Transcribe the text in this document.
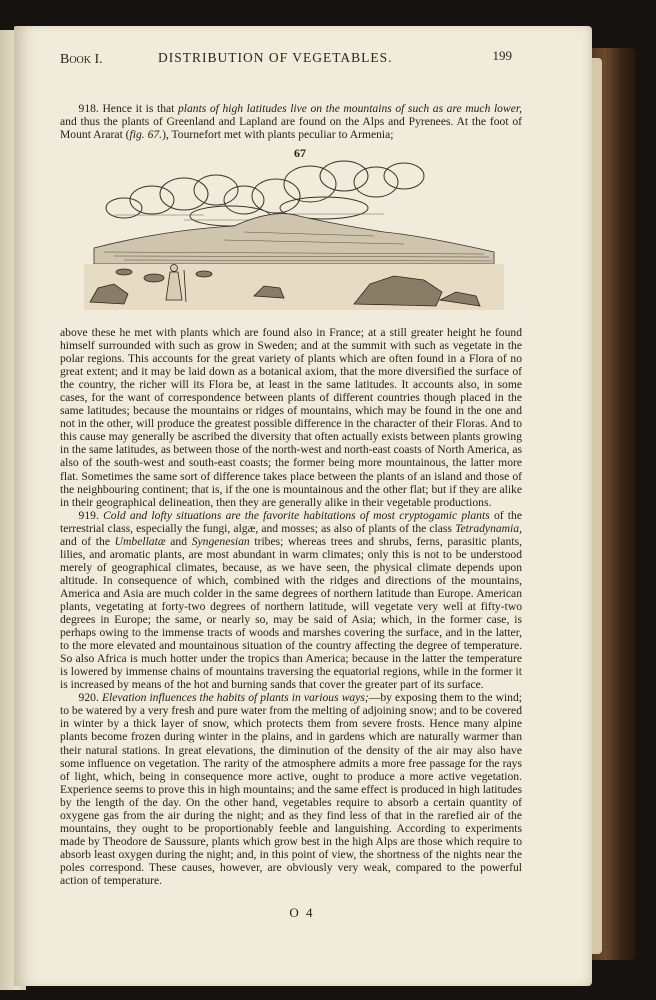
Book I.	DISTRIBUTION OF VEGETABLES.	199

918. Hence it is that plants of high latitudes live on the mountains of such as are much lower, and thus the plants of Greenland and Lapland are found on the Alps and Pyrenees. At the foot of Mount Ararat (fig. 67.), Tournefort met with plants peculiar to Armenia;

67

above these he met with plants which are found also in France; at a still greater height he found himself surrounded with such as grow in Sweden; and at the summit with such as vegetate in the polar regions. This accounts for the great variety of plants which are often found in a Flora of no great extent; and it may be laid down as a botanical axiom, that the more diversified the surface of the country, the richer will its Flora be, at least in the same latitudes. It accounts also, in some cases, for the want of correspondence between plants of different countries though placed in the same latitudes; because the mountains or ridges of mountains, which may be found in the one and not in the other, will produce the greatest possible difference in the character of their Floras. And to this cause may generally be ascribed the diversity that often actually exists between plants growing in the same latitudes, as between those of the north-west and north-east coasts of North America, as also of the south-west and south-east coasts; the former being more mountainous, the latter more flat. Sometimes the same sort of difference takes place between the plants of an island and those of the neighbouring continent; that is, if the one is mountainous and the other flat; but if they are alike in their geographical delineation, then they are generally alike in their vegetable productions.

919. Cold and lofty situations are the favorite habitations of most cryptogamic plants of the terrestrial class, especially the fungi, algæ, and mosses; as also of plants of the class Tetradynamia, and of the Umbellatæ and Syngenesian tribes; whereas trees and shrubs, ferns, parasitic plants, lilies, and aromatic plants, are most abundant in warm climates; only this is not to be understood merely of geographical climates, because, as we have seen, the physical climate depends upon altitude. In consequence of which, combined with the ridges and directions of the mountains, America and Asia are much colder in the same degrees of northern latitude than Europe. American plants, vegetating at forty-two degrees of northern latitude, will vegetate very well at fifty-two degrees in Europe; the same, or nearly so, may be said of Asia; which, in the former case, is perhaps owing to the immense tracts of woods and marshes covering the surface, and in the latter, to the more elevated and mountainous situation of the country affecting the degree of temperature. So also Africa is much hotter under the tropics than America; because in the latter the temperature is lowered by immense chains of mountains traversing the equatorial regions, while in the former it is increased by means of the hot and burning sands that cover the greater part of its surface.

920. Elevation influences the habits of plants in various ways;—by exposing them to the wind; to be watered by a very fresh and pure water from the melting of adjoining snow; and to be covered in winter by a thick layer of snow, which protects them from severe frosts. Hence many alpine plants become frozen during winter in the plains, and in gardens which are naturally warmer than their natural stations. In great elevations, the diminution of the density of the air may also have some influence on vegetation. The rarity of the atmosphere admits a more free passage for the rays of light, which, being in consequence more active, ought to produce a more active vegetation. Experience seems to prove this in high mountains; and the same effect is produced in high latitudes by the length of the day. On the other hand, vegetables require to absorb a certain quantity of oxygene gas from the air during the night; and as they find less of that in the rarefied air of the mountains, they ought to be proportionably feeble and languishing. According to experiments made by Theodore de Saussure, plants which grow best in the high Alps are those which require to absorb least oxygen during the night; and, in this point of view, the shortness of the nights near the poles correspond. These causes, however, are obviously very weak, compared to the powerful action of temperature.

O 4
